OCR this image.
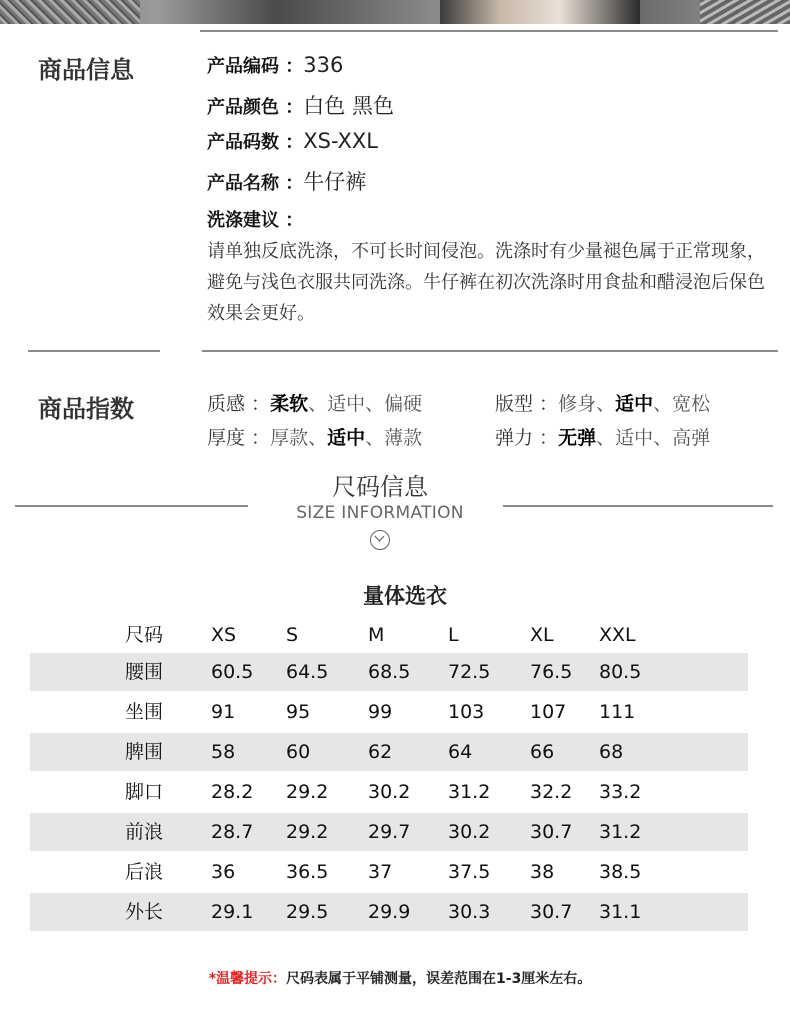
商品信息	产品编码 ：336
产品颜色 ：白色 黑色
产品码数 ：XS-XXL
产品名称 ：牛仔裤
洗涤建议 ：
请单独反底洗涤，不可长时间侵泡。洗涤时有少量褪色属于正常现象，避免与浅色衣服共同洗涤。牛仔裤在初次洗涤时用食盐和醋浸泡后保色效果会更好。
商品指数	质感 ：柔软、适中、偏硬	版型 ：修身、适中、宽松
厚度 ：厚款、适中、薄款	弹力 ：无弹、适中、高弹
尺码信息
SIZE INFORMATION
量体选衣
尺码	XS	S	M	L	XL XXL
腰围	60.5 64.5 68.5 72.5 76.5 80.5
坐围	91	95	99	103 107 111
脾围	58	60	62	64	66 68
脚口	28.2 29.2 30.2 31.2 32.2 33.2
前浪	28.7 29.2 29.7 30.2 30.7 31.2
后浪	36	36.5 37	37.5 38 38.5
外长	29.1 29.5 29.9 30.3 30.7 31.1
*温馨提示：尺码表属于平铺测量，误差范围在1-3厘米左右。
